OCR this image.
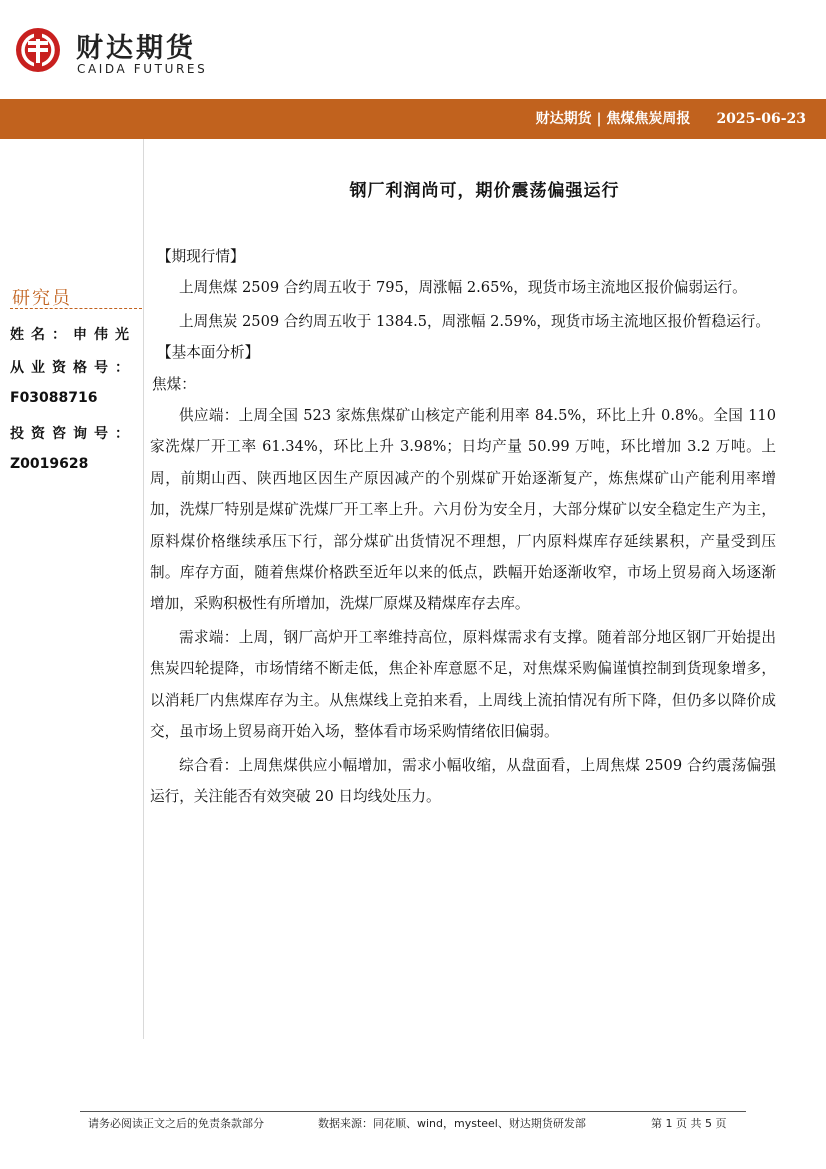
财达期货
CAIDA FUTURES
财达期货 | 焦煤焦炭周报 2025-06-23
钢厂利润尚可，期价震荡偏强运行
研究员
姓名：申伟光
从业资格号：
F03088716
投资咨询号：
Z0019628

【期现行情】

上周焦煤 2509 合约周五收于 795，周涨幅 2.65%，现货市场主流地区报价偏弱运行。

上周焦炭 2509 合约周五收于 1384.5，周涨幅 2.59%，现货市场主流地区报价暂稳运行。

【基本面分析】

焦煤：

供应端：上周全国 523 家炼焦煤矿山核定产能利用率 84.5%，环比上升 0.8%。全国 110 家洗煤厂开工率 61.34%，环比上升 3.98%；日均产量 50.99 万吨，环比增加 3.2 万吨。上周，前期山西、陕西地区因生产原因减产的个别煤矿开始逐渐复产，炼焦煤矿山产能利用率增加，洗煤厂特别是煤矿洗煤厂开工率上升。六月份为安全月，大部分煤矿以安全稳定生产为主，原料煤价格继续承压下行，部分煤矿出货情况不理想，厂内原料煤库存延续累积，产量受到压制。库存方面，随着焦煤价格跌至近年以来的低点，跌幅开始逐渐收窄，市场上贸易商入场逐渐增加，采购积极性有所增加，洗煤厂原煤及精煤库存去库。

需求端：上周，钢厂高炉开工率维持高位，原料煤需求有支撑。随着部分地区钢厂开始提出焦炭四轮提降，市场情绪不断走低，焦企补库意愿不足，对焦煤采购偏谨慎控制到货现象增多，以消耗厂内焦煤库存为主。从焦煤线上竞拍来看，上周线上流拍情况有所下降，但仍多以降价成交，虽市场上贸易商开始入场，整体看市场采购情绪依旧偏弱。

综合看：上周焦煤供应小幅增加，需求小幅收缩，从盘面看，上周焦煤 2509 合约震荡偏强运行，关注能否有效突破 20 日均线处压力。

请务必阅读正文之后的免责条款部分	数据来源：同花顺、wind，mysteel、财达期货研发部	第 1 页 共 5 页
